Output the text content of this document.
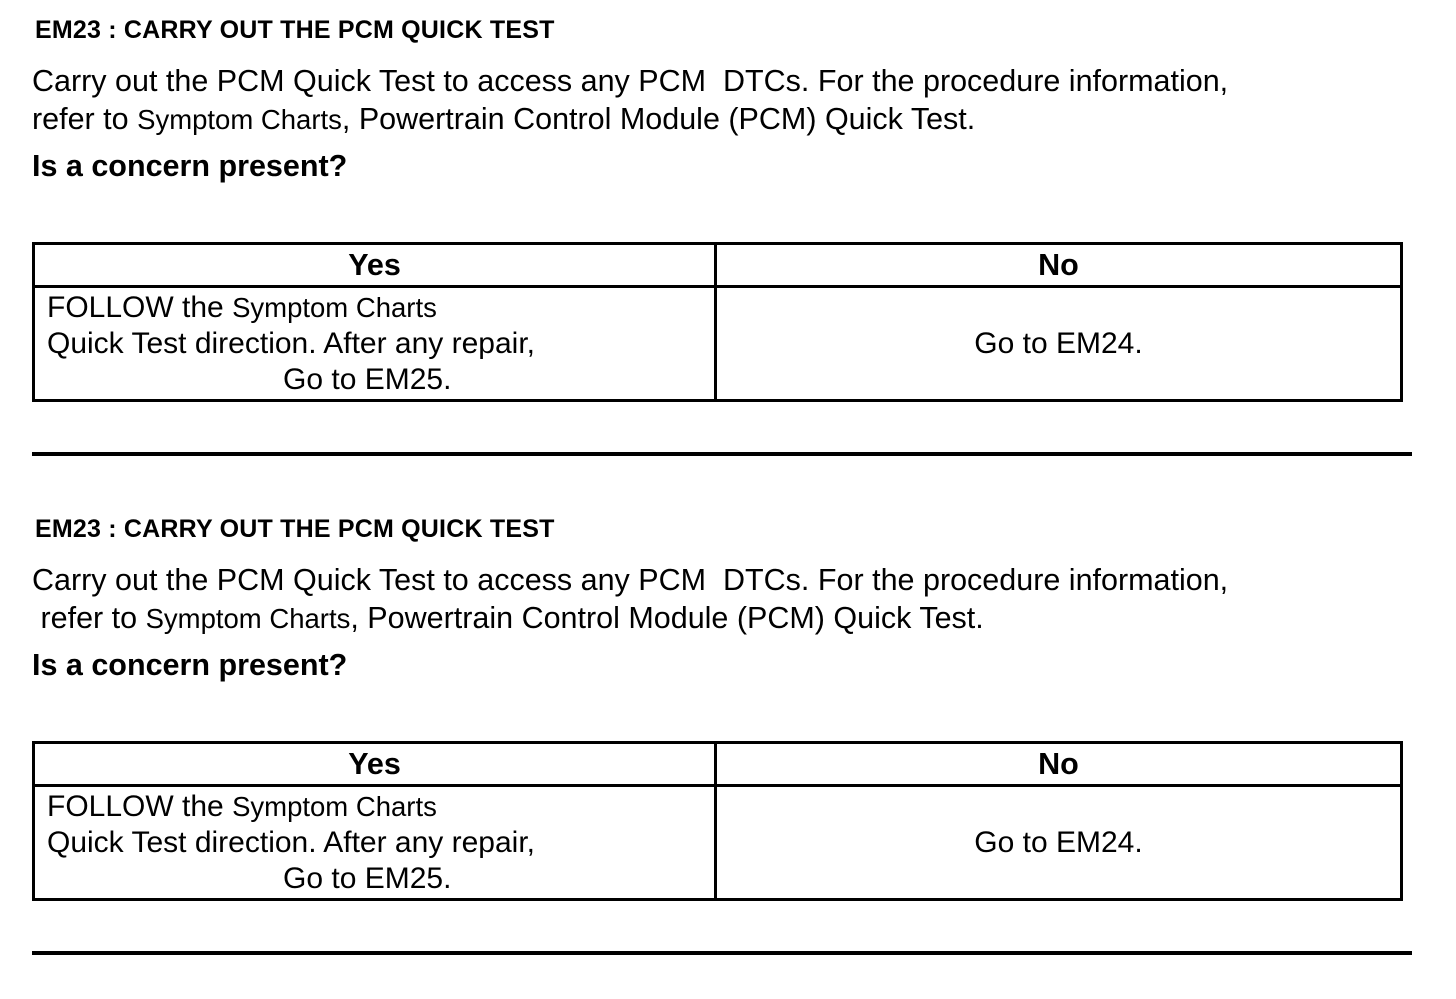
EM23 : CARRY OUT THE PCM QUICK TEST
Carry out the PCM Quick Test to access any PCM  DTCs. For the procedure information,
refer to Symptom Charts, Powertrain Control Module (PCM) Quick Test.
Is a concern present?
Yes	No

FOLLOW the Symptom Charts
Quick Test direction. After any repair,
Go to EM25.	Go to EM24.
EM23 : CARRY OUT THE PCM QUICK TEST
Carry out the PCM Quick Test to access any PCM  DTCs. For the procedure information,
refer to Symptom Charts, Powertrain Control Module (PCM) Quick Test.
Is a concern present?
Yes	No

FOLLOW the Symptom Charts
Quick Test direction. After any repair,
Go to EM25.	Go to EM24.
